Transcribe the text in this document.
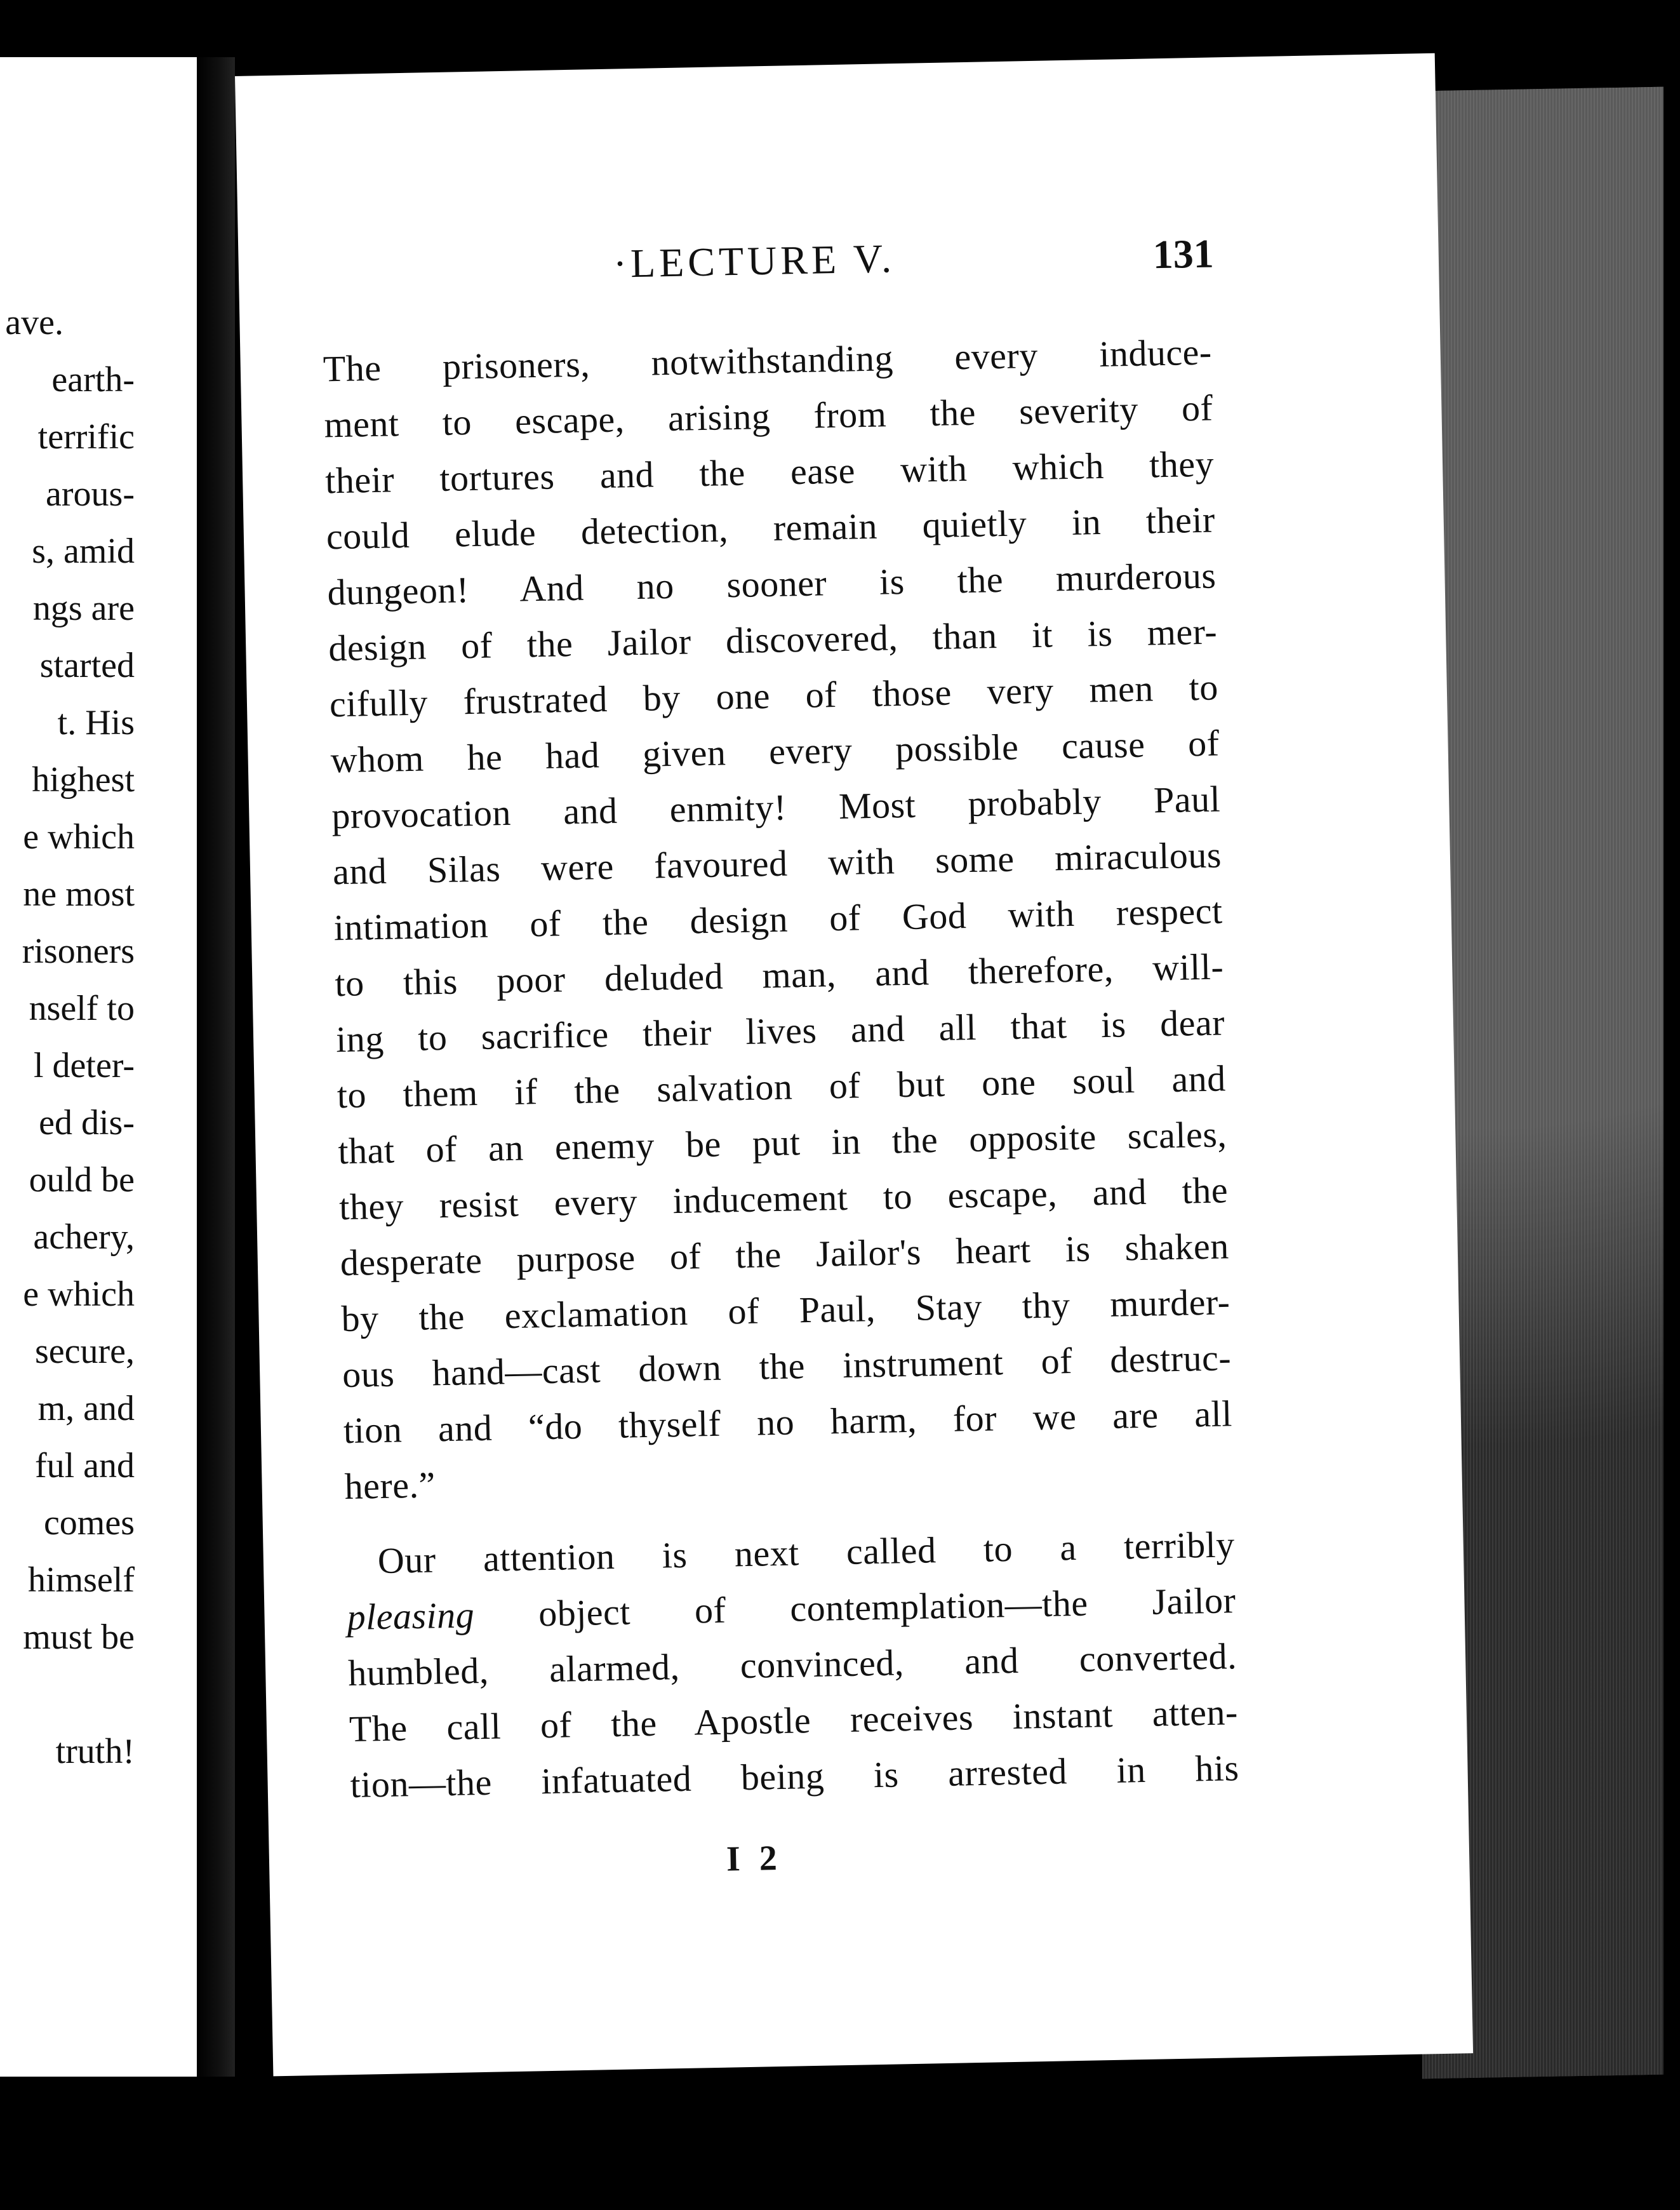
ave.
earth-
terrific
arous-
s, amid
ngs are
started
t. His
highest
e which
ne most
risoners
nself to
l deter-
ed dis-
ould be
achery,
e which
secure,
m, and
ful and
comes
himself
must be
truth!
·LECTURE V.	131
The prisoners, notwithstanding every induce-
ment to escape, arising from the severity of
their tortures and the ease with which they
could elude detection, remain quietly in their
dungeon! And no sooner is the murderous
design of the Jailor discovered, than it is mer-
cifully frustrated by one of those very men to
whom he had given every possible cause of
provocation and enmity! Most probably Paul
and Silas were favoured with some miraculous
intimation of the design of God with respect
to this poor deluded man, and therefore, will-
ing to sacrifice their lives and all that is dear
to them if the salvation of but one soul and
that of an enemy be put in the opposite scales,
they resist every inducement to escape, and the
desperate purpose of the Jailor's heart is shaken
by the exclamation of Paul, Stay thy murder-
ous hand—cast down the instrument of destruc-
tion and “do thyself no harm, for we are all
here.”
Our attention is next called to a terribly
pleasing object of contemplation—the Jailor
humbled, alarmed, convinced, and converted.
The call of the Apostle receives instant atten-
tion—the infatuated being is arrested in his
I 2
